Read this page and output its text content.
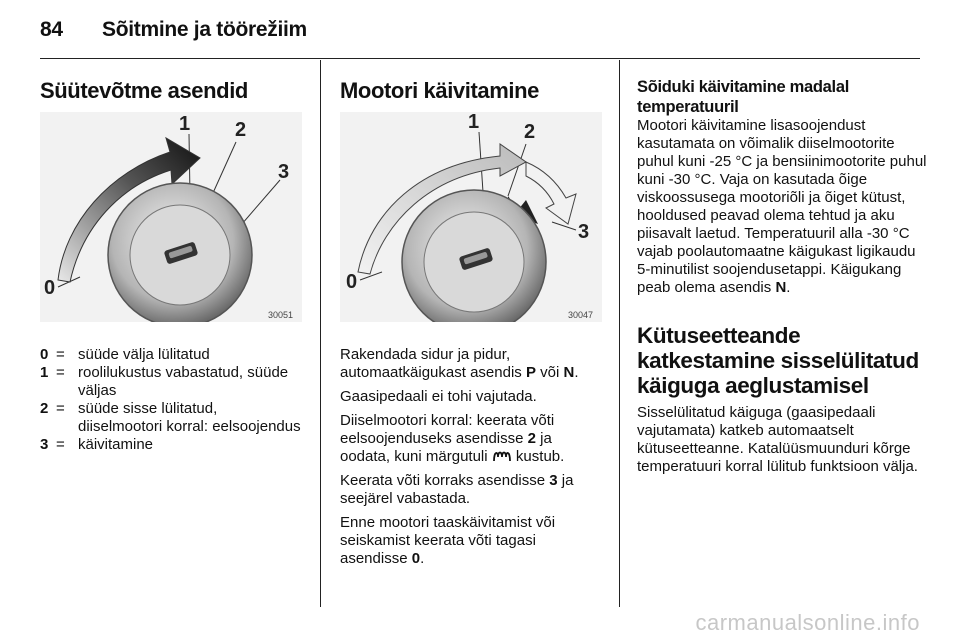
84 Sõitmine ja töörežiim
Süütevõtme asendid
1 2
3
0
30051
0 = süüde välja lülitatud
1 = roolilukustus vabastatud, süüde väljas
2 = süüde sisse lülitatud, diiselmootori korral: eelsoojendus
3 = käivitamine
Mootori käivitamine
1 2
3
0
30047

Rakendada sidur ja pidur, automaatkäigukast asendis P või N.

Gaasipedaali ei tohi vajutada.

Diiselmootori korral: keerata võti eelsoojenduseks asendisse 2 ja oodata, kuni märgutuli  kustub.

Keerata võti korraks asendisse 3 ja seejärel vabastada.

Enne mootori taaskäivitamist või seiskamist keerata võti tagasi asendisse 0.

Sõiduki käivitamine madalal temperatuuril

Mootori käivitamine lisasoojendust kasutamata on võimalik diiselmootorite puhul kuni -25 °C ja bensiinimootorite puhul kuni -30 °C. Vaja on kasutada õige viskoossusega mootoriõli ja õiget kütust, hooldused peavad olema tehtud ja aku piisavalt laetud. Temperatuuril alla -30 °C vajab poolautomaatne käigukast ligikaudu 5-minutilist soojendusetappi. Käigukang peab olema asendis N.

Kütuseetteande katkestamine sisselülitatud käiguga aeglustamisel

Sisselülitatud käiguga (gaasipedaali vajutamata) katkeb automaatselt kütuseetteanne. Katalüüsmuunduri kõrge temperatuuri korral lülitub funktsioon välja.

carmanualsonline.info
